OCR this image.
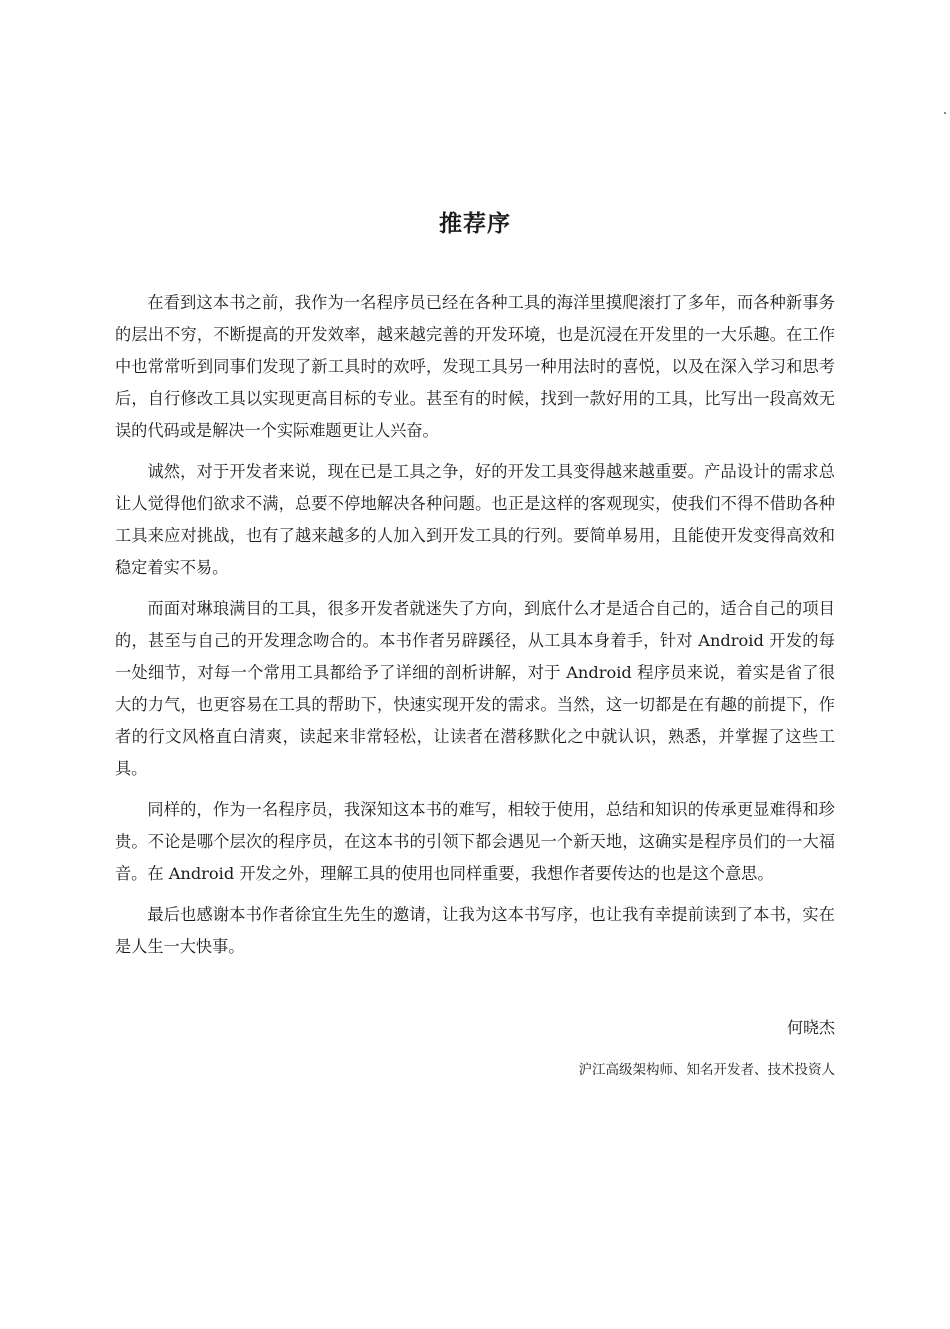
推荐序

在看到这本书之前，我作为一名程序员已经在各种工具的海洋里摸爬滚打了多年，而各种新事务的层出不穷，不断提高的开发效率，越来越完善的开发环境，也是沉浸在开发里的一大乐趣。在工作中也常常听到同事们发现了新工具时的欢呼，发现工具另一种用法时的喜悦，以及在深入学习和思考后，自行修改工具以实现更高目标的专业。甚至有的时候，找到一款好用的工具，比写出一段高效无误的代码或是解决一个实际难题更让人兴奋。

诚然，对于开发者来说，现在已是工具之争，好的开发工具变得越来越重要。产品设计的需求总让人觉得他们欲求不满，总要不停地解决各种问题。也正是这样的客观现实，使我们不得不借助各种工具来应对挑战，也有了越来越多的人加入到开发工具的行列。要简单易用，且能使开发变得高效和稳定着实不易。

而面对琳琅满目的工具，很多开发者就迷失了方向，到底什么才是适合自己的，适合自己的项目的，甚至与自己的开发理念吻合的。本书作者另辟蹊径，从工具本身着手，针对 Android 开发的每一处细节，对每一个常用工具都给予了详细的剖析讲解，对于 Android 程序员来说，着实是省了很大的力气，也更容易在工具的帮助下，快速实现开发的需求。当然，这一切都是在有趣的前提下，作者的行文风格直白清爽，读起来非常轻松，让读者在潜移默化之中就认识，熟悉，并掌握了这些工具。

同样的，作为一名程序员，我深知这本书的难写，相较于使用，总结和知识的传承更显难得和珍贵。不论是哪个层次的程序员，在这本书的引领下都会遇见一个新天地，这确实是程序员们的一大福音。在 Android 开发之外，理解工具的使用也同样重要，我想作者要传达的也是这个意思。

最后也感谢本书作者徐宜生先生的邀请，让我为这本书写序，也让我有幸提前读到了本书，实在是人生一大快事。

何晓杰

沪江高级架构师、知名开发者、技术投资人
